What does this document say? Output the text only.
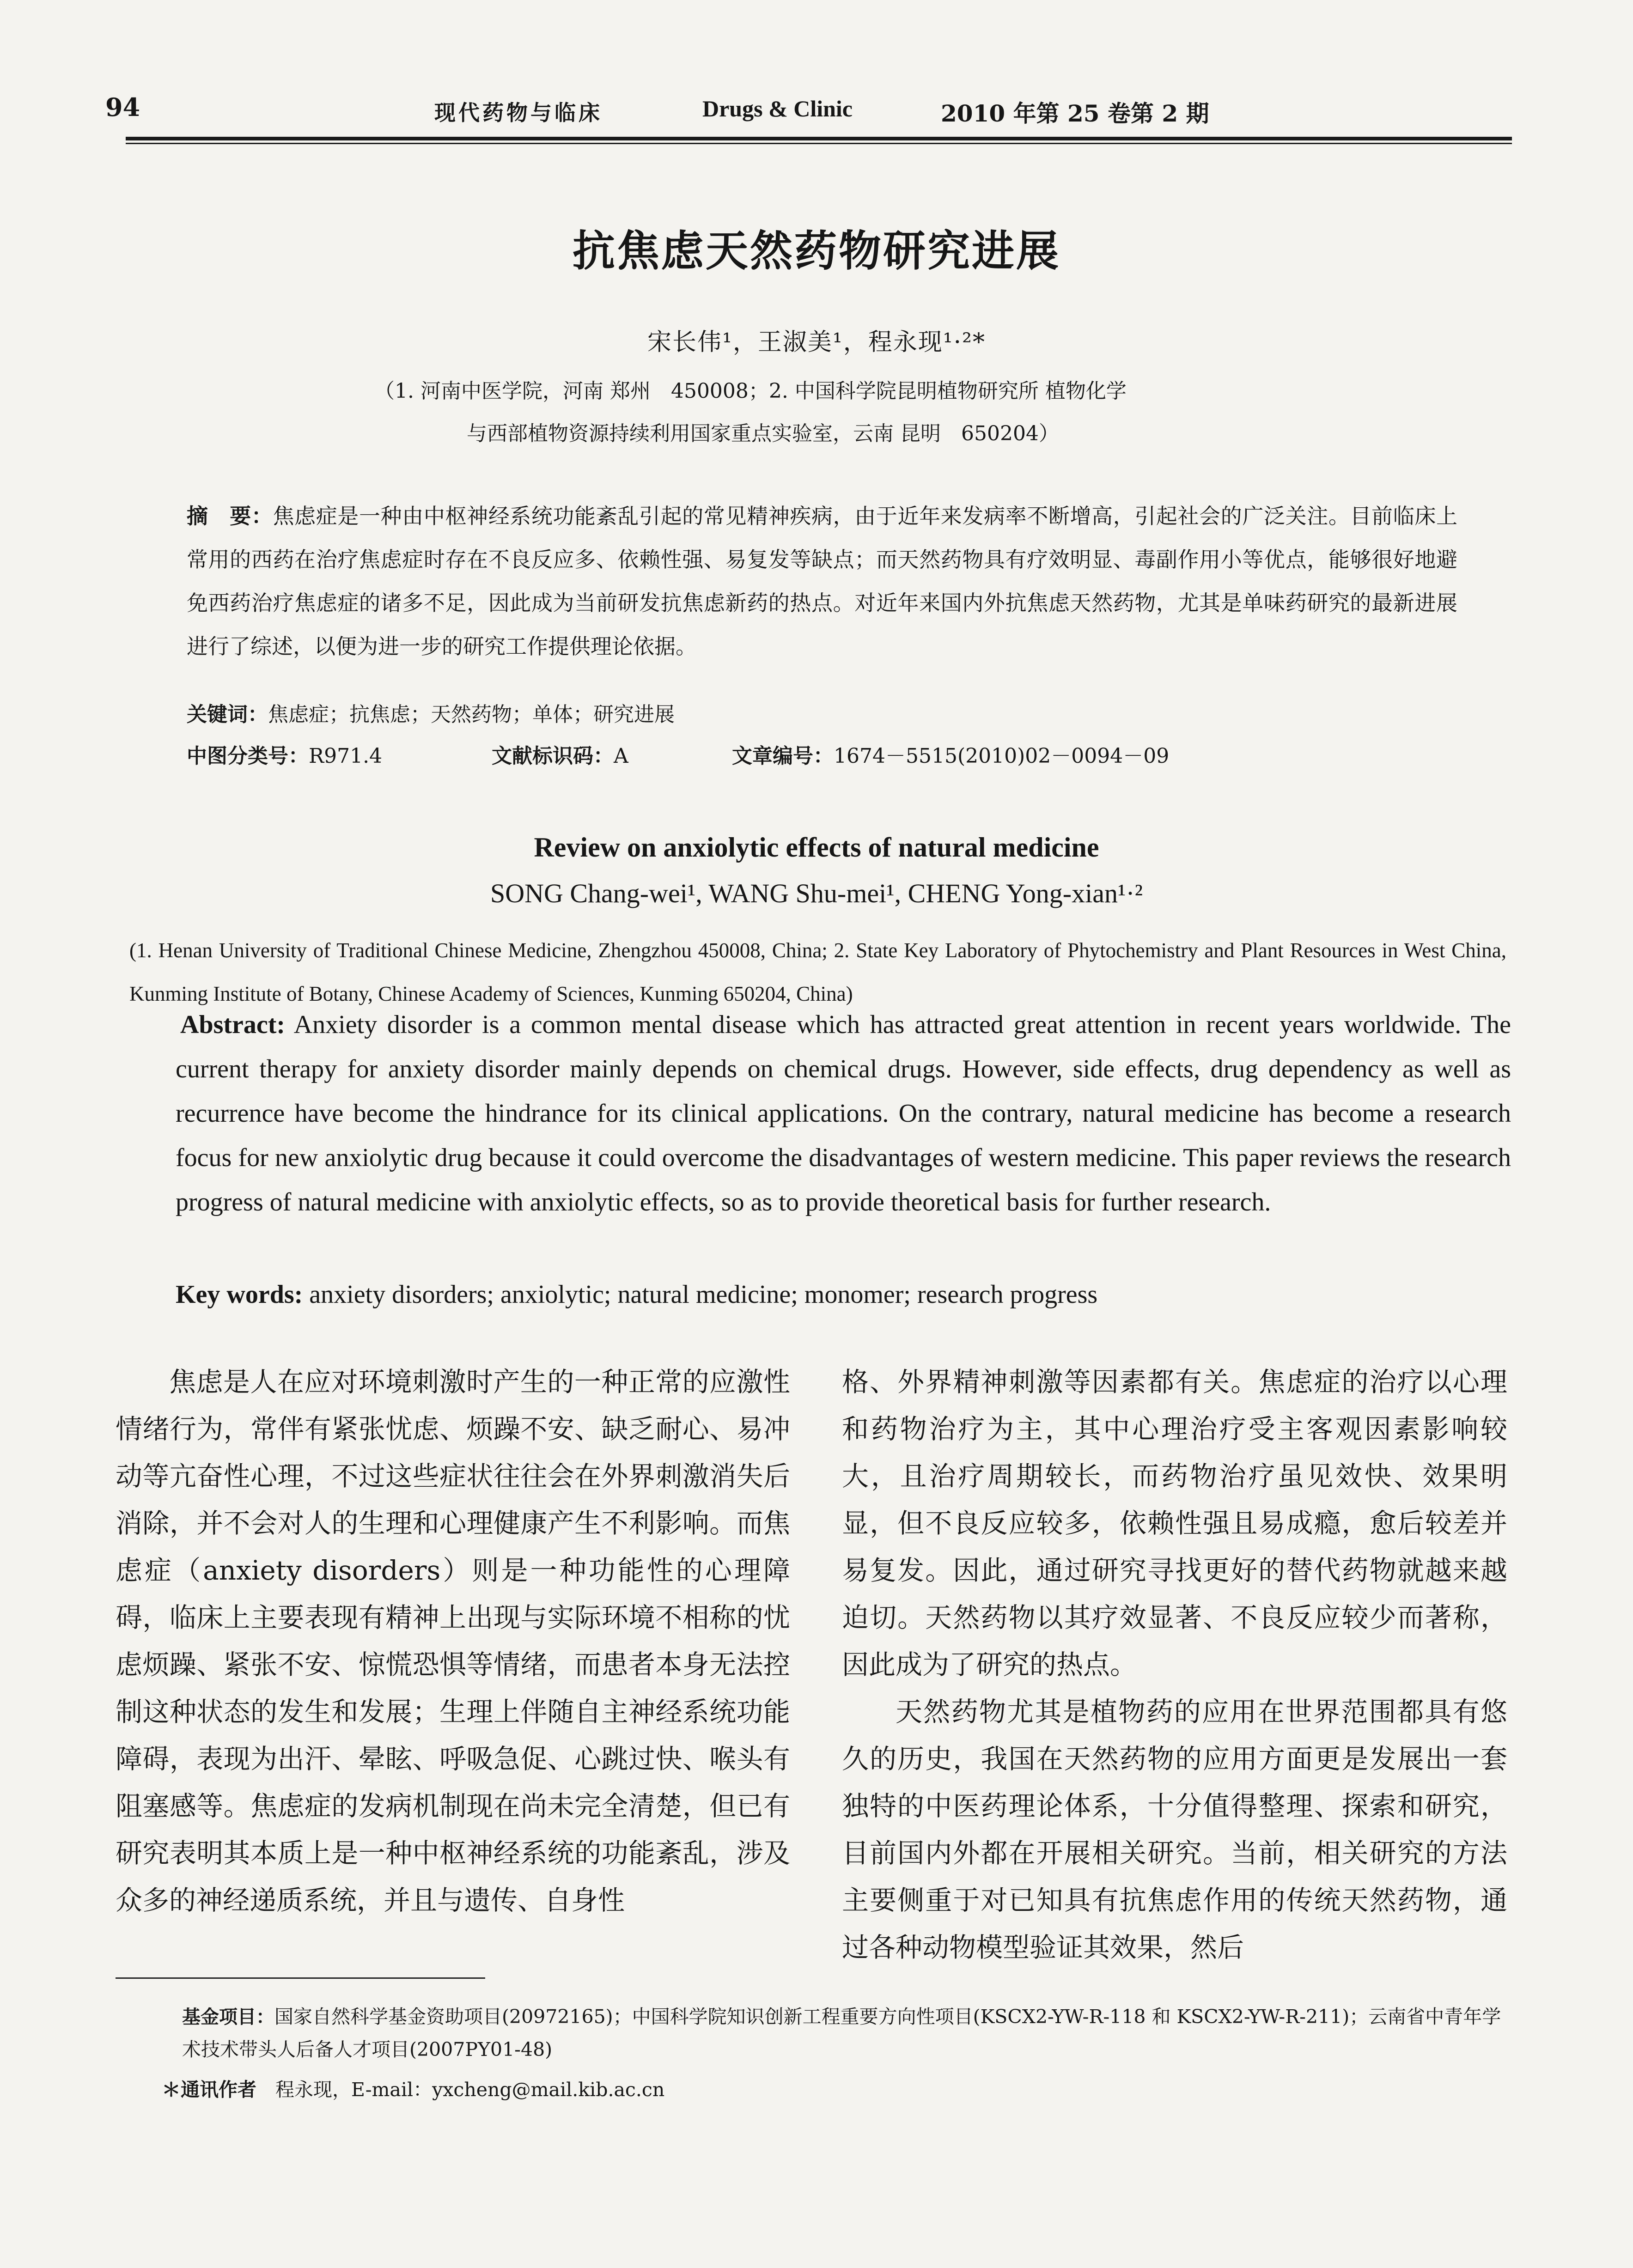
94	现代药物与临床	Drugs & Clinic	2010 年第 25 卷第 2 期
抗焦虑天然药物研究进展
宋长伟¹，王淑美¹，程永现¹·²*
（1. 河南中医学院，河南 郑州　450008；2. 中国科学院昆明植物研究所 植物化学
与西部植物资源持续利用国家重点实验室，云南 昆明　650204）
摘　要：焦虑症是一种由中枢神经系统功能紊乱引起的常见精神疾病，由于近年来发病率不断增高，引起社会的广泛关注。目前临床上常用的西药在治疗焦虑症时存在不良反应多、依赖性强、易复发等缺点；而天然药物具有疗效明显、毒副作用小等优点，能够很好地避免西药治疗焦虑症的诸多不足，因此成为当前研发抗焦虑新药的热点。对近年来国内外抗焦虑天然药物，尤其是单味药研究的最新进展进行了综述，以便为进一步的研究工作提供理论依据。
关键词：焦虑症；抗焦虑；天然药物；单体；研究进展
中图分类号：R971.4	文献标识码：A	文章编号：1674－5515(2010)02－0094－09
Review on anxiolytic effects of natural medicine
SONG Chang-wei¹, WANG Shu-mei¹, CHENG Yong-xian¹·²
(1. Henan University of Traditional Chinese Medicine, Zhengzhou 450008, China; 2. State Key Laboratory of Phytochemistry and Plant Resources in West China, Kunming Institute of Botany, Chinese Academy of Sciences, Kunming 650204, China)
Abstract: Anxiety disorder is a common mental disease which has attracted great attention in recent years worldwide. The current therapy for anxiety disorder mainly depends on chemical drugs. However, side effects, drug dependency as well as recurrence have become the hindrance for its clinical applications. On the contrary, natural medicine has become a research focus for new anxiolytic drug because it could overcome the disadvantages of western medicine. This paper reviews the research progress of natural medicine with anxiolytic effects, so as to provide theoretical basis for further research.
Key words: anxiety disorders; anxiolytic; natural medicine; monomer; research progress

焦虑是人在应对环境刺激时产生的一种正常的应激性情绪行为，常伴有紧张忧虑、烦躁不安、缺乏耐心、易冲动等亢奋性心理，不过这些症状往往会在外界刺激消失后消除，并不会对人的生理和心理健康产生不利影响。而焦虑症（anxiety disorders）则是一种功能性的心理障碍，临床上主要表现有精神上出现与实际环境不相称的忧虑烦躁、紧张不安、惊慌恐惧等情绪，而患者本身无法控制这种状态的发生和发展；生理上伴随自主神经系统功能障碍，表现为出汗、晕眩、呼吸急促、心跳过快、喉头有阻塞感等。焦虑症的发病机制现在尚未完全清楚，但已有研究表明其本质上是一种中枢神经系统的功能紊乱，涉及众多的神经递质系统，并且与遗传、自身性

格、外界精神刺激等因素都有关。焦虑症的治疗以心理和药物治疗为主，其中心理治疗受主客观因素影响较大，且治疗周期较长，而药物治疗虽见效快、效果明显，但不良反应较多，依赖性强且易成瘾，愈后较差并易复发。因此，通过研究寻找更好的替代药物就越来越迫切。天然药物以其疗效显著、不良反应较少而著称，因此成为了研究的热点。

天然药物尤其是植物药的应用在世界范围都具有悠久的历史，我国在天然药物的应用方面更是发展出一套独特的中医药理论体系，十分值得整理、探索和研究，目前国内外都在开展相关研究。当前，相关研究的方法主要侧重于对已知具有抗焦虑作用的传统天然药物，通过各种动物模型验证其效果，然后

基金项目：国家自然科学基金资助项目(20972165)；中国科学院知识创新工程重要方向性项目(KSCX2-YW-R-118 和 KSCX2-YW-R-211)；云南省中青年学术技术带头人后备人才项目(2007PY01-48)
＊通讯作者　 程永现，E-mail：yxcheng@mail.kib.ac.cn
